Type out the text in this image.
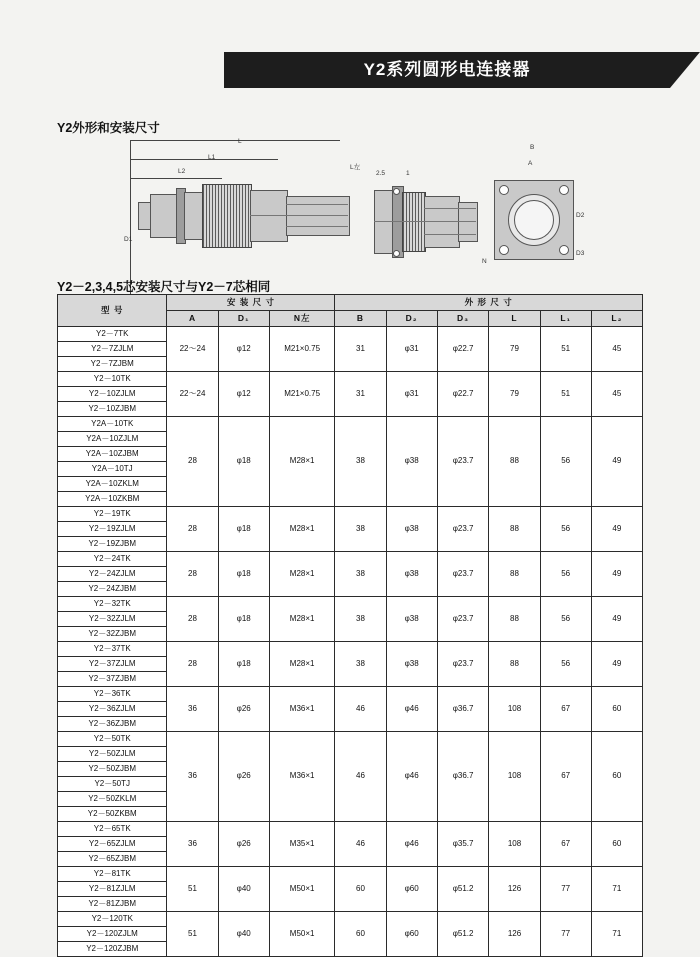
Y2系列圆形电连接器
Y2外形和安装尺寸
L
L1
L2
D1
L左
2.5	1
B
A
D2
D3
N
Y2－2,3,4,5芯安装尺寸与Y2－7芯相同
型 号	安 装 尺 寸			外 形 尺 寸					
	A	D₁	N左	B	D₂	D₃	L	L₁	L₂
Y2－7TK	22～24	φ12	M21×0.75	31	φ31	φ22.7	79	51	45
Y2－7ZJLM									
Y2－7ZJBM									
Y2－10TK	22～24	φ12	M21×0.75	31	φ31	φ22.7	79	51	45
Y2－10ZJLM									
Y2－10ZJBM									
Y2A－10TK	28	φ18	M28×1	38	φ38	φ23.7	88	56	49
Y2A－10ZJLM									
Y2A－10ZJBM									
Y2A－10TJ									
Y2A－10ZKLM									
Y2A－10ZKBM									
Y2－19TK	28	φ18	M28×1	38	φ38	φ23.7	88	56	49
Y2－19ZJLM									
Y2－19ZJBM									
Y2－24TK	28	φ18	M28×1	38	φ38	φ23.7	88	56	49
Y2－24ZJLM									
Y2－24ZJBM									
Y2－32TK	28	φ18	M28×1	38	φ38	φ23.7	88	56	49
Y2－32ZJLM									
Y2－32ZJBM									
Y2－37TK	28	φ18	M28×1	38	φ38	φ23.7	88	56	49
Y2－37ZJLM									
Y2－37ZJBM									
Y2－36TK	36	φ26	M36×1	46	φ46	φ36.7	108	67	60
Y2－36ZJLM									
Y2－36ZJBM									
Y2－50TK	36	φ26	M36×1	46	φ46	φ36.7	108	67	60
Y2－50ZJLM									
Y2－50ZJBM									
Y2－50TJ									
Y2－50ZKLM									
Y2－50ZKBM									
Y2－65TK	36	φ26	M35×1	46	φ46	φ35.7	108	67	60
Y2－65ZJLM									
Y2－65ZJBM									
Y2－81TK	51	φ40	M50×1	60	φ60	φ51.2	126	77	71
Y2－81ZJLM									
Y2－81ZJBM									
Y2－120TK	51	φ40	M50×1	60	φ60	φ51.2	126	77	71
Y2－120ZJLM									
Y2－120ZJBM									
